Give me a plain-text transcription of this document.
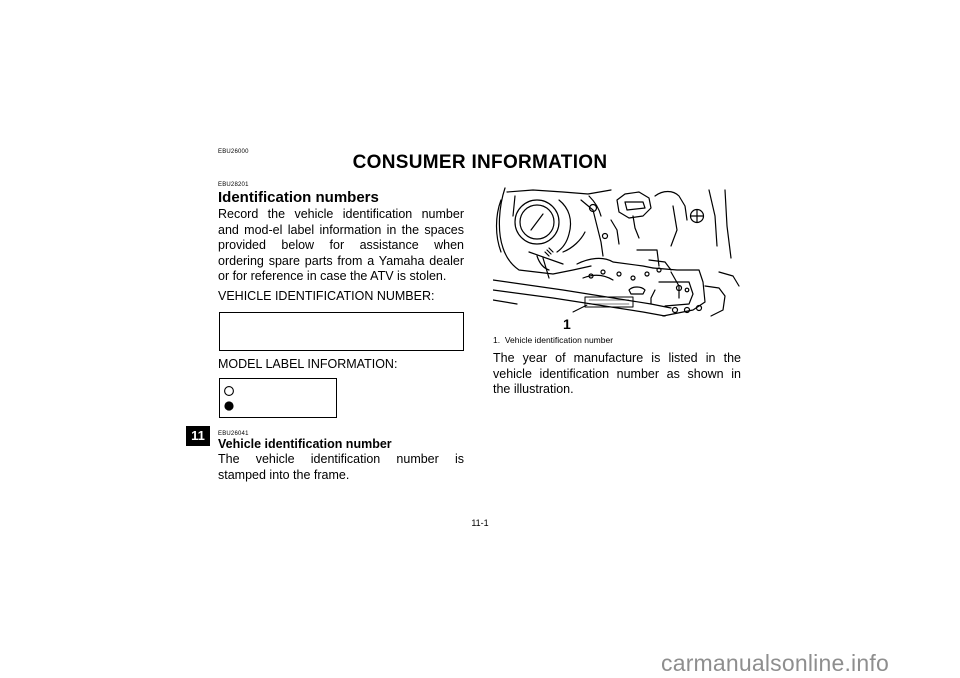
EBU26000	CONSUMER INFORMATION
EBU28201
Identification numbers
Record the vehicle identification number and mod-el label information in the spaces provided below for assistance when ordering spare parts from a Yamaha dealer or for reference in case the ATV is stolen.
VEHICLE IDENTIFICATION NUMBER:
MODEL LABEL INFORMATION:
EBU26041
11
Vehicle identification number
The vehicle identification number is stamped into the frame.
1
1. Vehicle identification number
The year of manufacture is listed in the vehicle identification number as shown in the illustration.
11-1
carmanualsonline.info
